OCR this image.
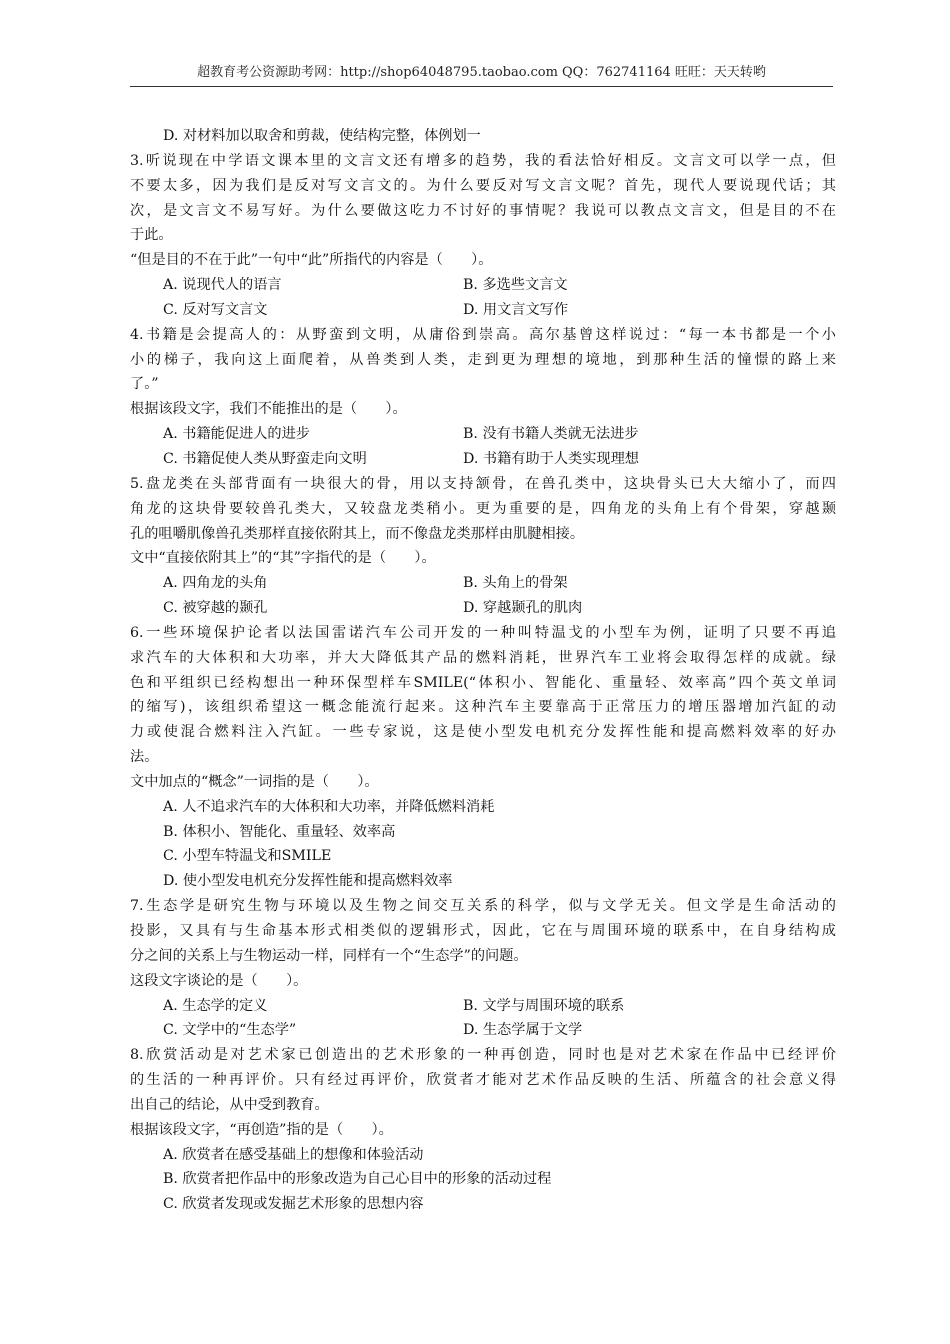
超教育考公资源助考网：http://shop64048795.taobao.com QQ：762741164 旺旺：天天转哟
D. 对材料加以取舍和剪裁，使结构完整，体例划一
3.听说现在中学语文课本里的文言文还有增多的趋势，我的看法恰好相反。文言文可以学一点，但
不要太多，因为我们是反对写文言文的。为什么要反对写文言文呢？首先，现代人要说现代话；其
次，是文言文不易写好。为什么要做这吃力不讨好的事情呢？我说可以教点文言文，但是目的不在
于此。
“但是目的不在于此”一句中“此”所指代的内容是（　　）。
A. 说现代人的语言	B. 多选些文言文
C. 反对写文言文	D. 用文言文写作
4.书籍是会提高人的：从野蛮到文明，从庸俗到崇高。高尔基曾这样说过：“每一本书都是一个小
小的梯子，我向这上面爬着，从兽类到人类，走到更为理想的境地，到那种生活的憧憬的路上来
了。”
根据该段文字，我们不能推出的是（　　）。
A. 书籍能促进人的进步	B. 没有书籍人类就无法进步
C. 书籍促使人类从野蛮走向文明	D. 书籍有助于人类实现理想
5.盘龙类在头部背面有一块很大的骨，用以支持颔骨，在兽孔类中，这块骨头已大大缩小了，而四
角龙的这块骨要较兽孔类大，又较盘龙类稍小。更为重要的是，四角龙的头角上有个骨架，穿越颞
孔的咀嚼肌像兽孔类那样直接依附其上，而不像盘龙类那样由肌腱相接。
文中“直接依附其上”的“其”字指代的是（　　）。
A. 四角龙的头角	B. 头角上的骨架
C. 被穿越的颞孔	D. 穿越颞孔的肌肉
6.一些环境保护论者以法国雷诺汽车公司开发的一种叫特温戈的小型车为例，证明了只要不再追
求汽车的大体积和大功率，并大大降低其产品的燃料消耗，世界汽车工业将会取得怎样的成就。绿
色和平组织已经构想出一种环保型样车SMILE(“体积小、智能化、重量轻、效率高”四个英文单词
的缩写)，该组织希望这一概念能流行起来。这种汽车主要靠高于正常压力的增压器增加汽缸的动
力或使混合燃料注入汽缸。一些专家说，这是使小型发电机充分发挥性能和提高燃料效率的好办
法。
文中加点的“概念”一词指的是（　　）。
A. 人不追求汽车的大体积和大功率，并降低燃料消耗
B. 体积小、智能化、重量轻、效率高
C. 小型车特温戈和SMILE
D. 使小型发电机充分发挥性能和提高燃料效率
7.生态学是研究生物与环境以及生物之间交互关系的科学，似与文学无关。但文学是生命活动的
投影，又具有与生命基本形式相类似的逻辑形式，因此，它在与周围环境的联系中，在自身结构成
分之间的关系上与生物运动一样，同样有一个“生态学”的问题。
这段文字谈论的是（　　）。
A. 生态学的定义	B. 文学与周围环境的联系
C. 文学中的“生态学”	D. 生态学属于文学
8.欣赏活动是对艺术家已创造出的艺术形象的一种再创造，同时也是对艺术家在作品中已经评价
的生活的一种再评价。只有经过再评价，欣赏者才能对艺术作品反映的生活、所蕴含的社会意义得
出自己的结论，从中受到教育。
根据该段文字，“再创造”指的是（　　）。
A. 欣赏者在感受基础上的想像和体验活动
B. 欣赏者把作品中的形象改造为自己心目中的形象的活动过程
C. 欣赏者发现或发掘艺术形象的思想内容
